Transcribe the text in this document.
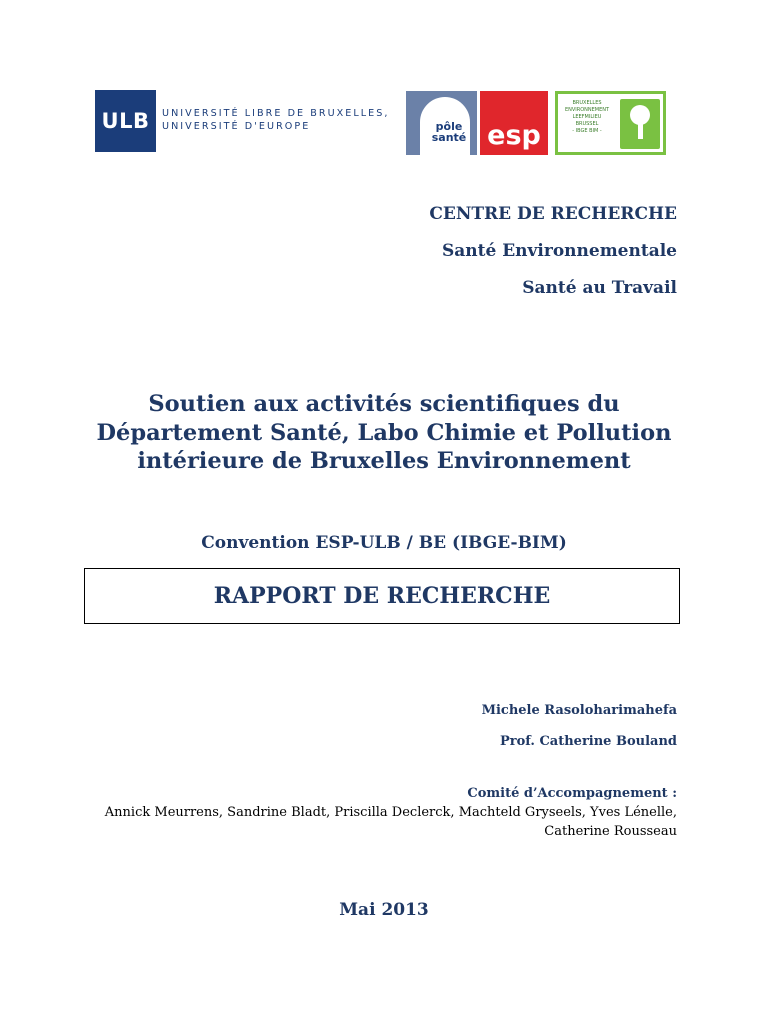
ULB UNIVERSITÉ LIBRE DE BRUXELLES,
UNIVERSITÉ D'EUROPE	pôle
santé esp
BRUXELLES
ENVIRONNEMENT
LEEFMILIEU
BRUSSEL
- IBGE BIM -
CENTRE DE RECHERCHE
Santé Environnementale
Santé au Travail
Soutien aux activités scientifiques du
Département Santé, Labo Chimie et Pollution
intérieure de Bruxelles Environnement
Convention ESP-ULB / BE (IBGE-BIM)
RAPPORT DE RECHERCHE
Michele Rasoloharimahefa
Prof. Catherine Bouland
Comité d’Accompagnement :
Annick Meurrens, Sandrine Bladt, Priscilla Declerck, Machteld Gryseels, Yves Lénelle,
Catherine Rousseau
Mai 2013
